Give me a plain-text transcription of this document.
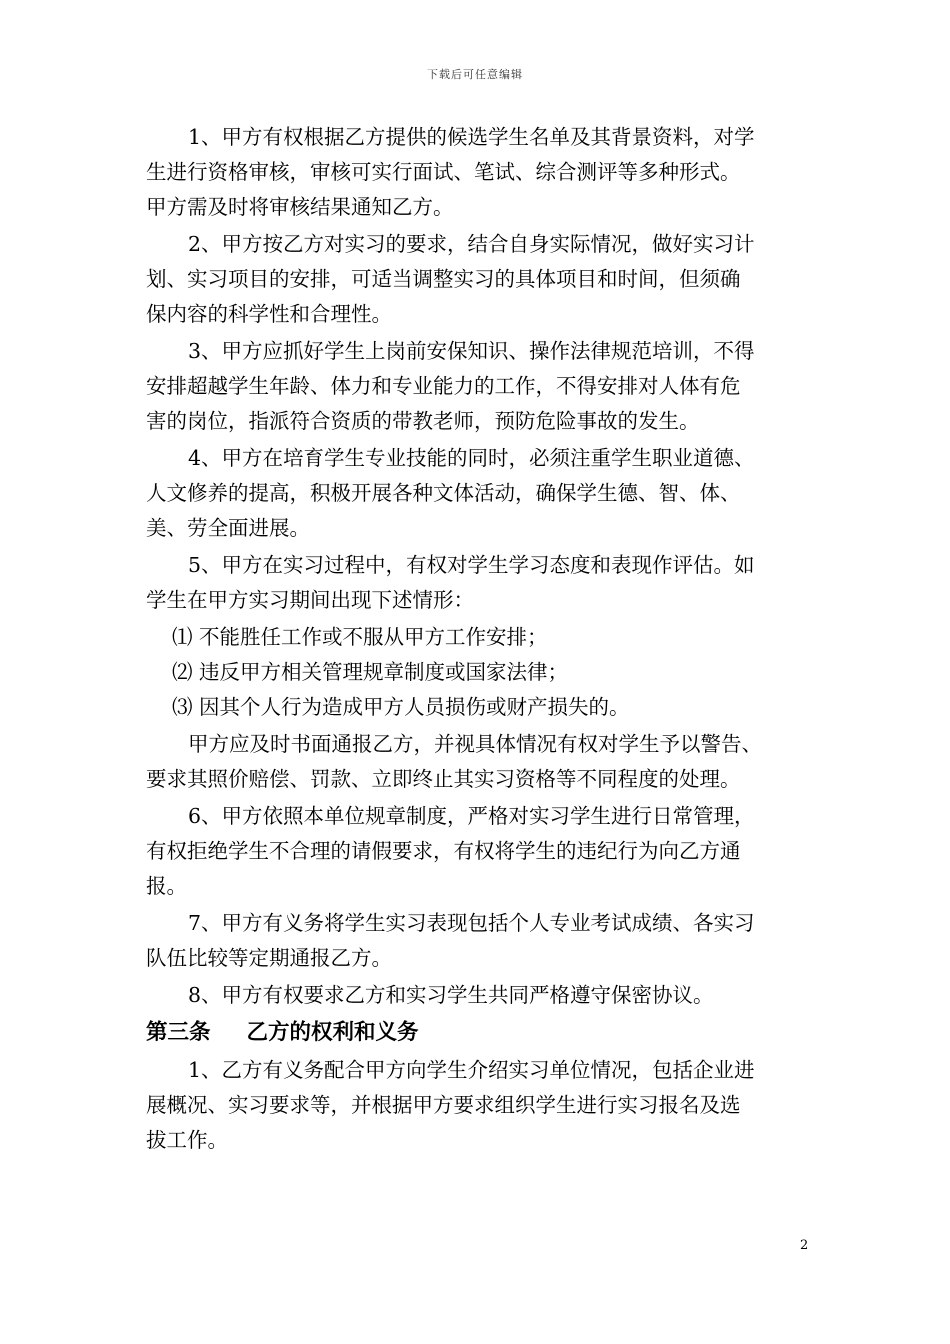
下载后可任意编辑
1、甲方有权根据乙方提供的候选学生名单及其背景资料，对学
生进行资格审核，审核可实行面试、笔试、综合测评等多种形式。
甲方需及时将审核结果通知乙方。
2、甲方按乙方对实习的要求，结合自身实际情况，做好实习计
划、实习项目的安排，可适当调整实习的具体项目和时间，但须确
保内容的科学性和合理性。
3、甲方应抓好学生上岗前安保知识、操作法律规范培训，不得
安排超越学生年龄、体力和专业能力的工作，不得安排对人体有危
害的岗位，指派符合资质的带教老师，预防危险事故的发生。
4、甲方在培育学生专业技能的同时，必须注重学生职业道德、
人文修养的提高，积极开展各种文体活动，确保学生德、智、体、
美、劳全面进展。
5、甲方在实习过程中，有权对学生学习态度和表现作评估。如
学生在甲方实习期间出现下述情形：
⑴ 不能胜任工作或不服从甲方工作安排；
⑵ 违反甲方相关管理规章制度或国家法律；
⑶ 因其个人行为造成甲方人员损伤或财产损失的。
甲方应及时书面通报乙方，并视具体情况有权对学生予以警告、
要求其照价赔偿、罚款、立即终止其实习资格等不同程度的处理。
6、甲方依照本单位规章制度，严格对实习学生进行日常管理，
有权拒绝学生不合理的请假要求，有权将学生的违纪行为向乙方通
报。
7、甲方有义务将学生实习表现包括个人专业考试成绩、各实习
队伍比较等定期通报乙方。
8、甲方有权要求乙方和实习学生共同严格遵守保密协议。
第三条 乙方的权利和义务
1、乙方有义务配合甲方向学生介绍实习单位情况，包括企业进
展概况、实习要求等，并根据甲方要求组织学生进行实习报名及选
拔工作。
2
